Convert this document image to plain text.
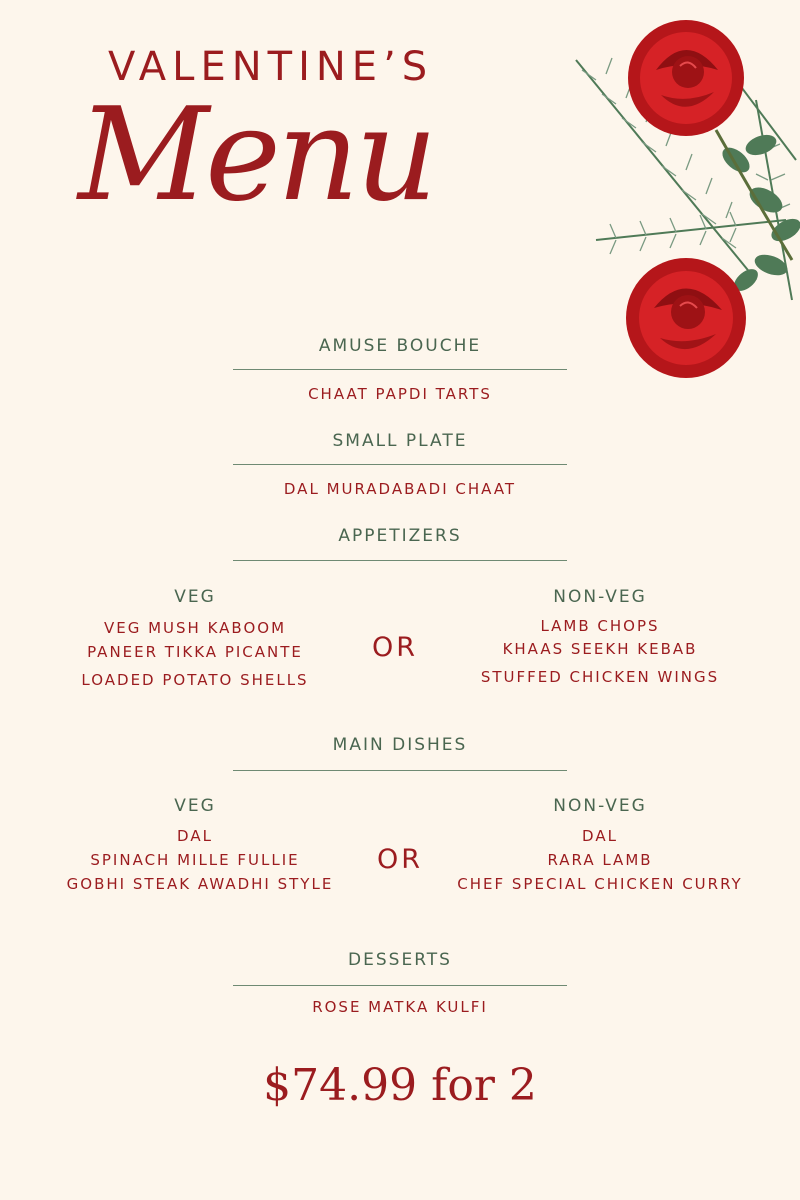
VALENTINE’S
Menu
AMUSE BOUCHE
CHAAT PAPDI TARTS
SMALL PLATE
DAL MURADABADI CHAAT
APPETIZERS
VEG
VEG MUSH KABOOM
PANEER TIKKA PICANTE
LOADED POTATO SHELLS
OR
NON-VEG
LAMB CHOPS
KHAAS SEEKH KEBAB
STUFFED CHICKEN WINGS
MAIN DISHES
VEG
DAL
SPINACH MILLE FULLIE
GOBHI STEAK AWADHI STYLE
OR
NON-VEG
DAL
RARA LAMB
CHEF SPECIAL CHICKEN CURRY
DESSERTS
ROSE MATKA KULFI
$74.99 for 2
